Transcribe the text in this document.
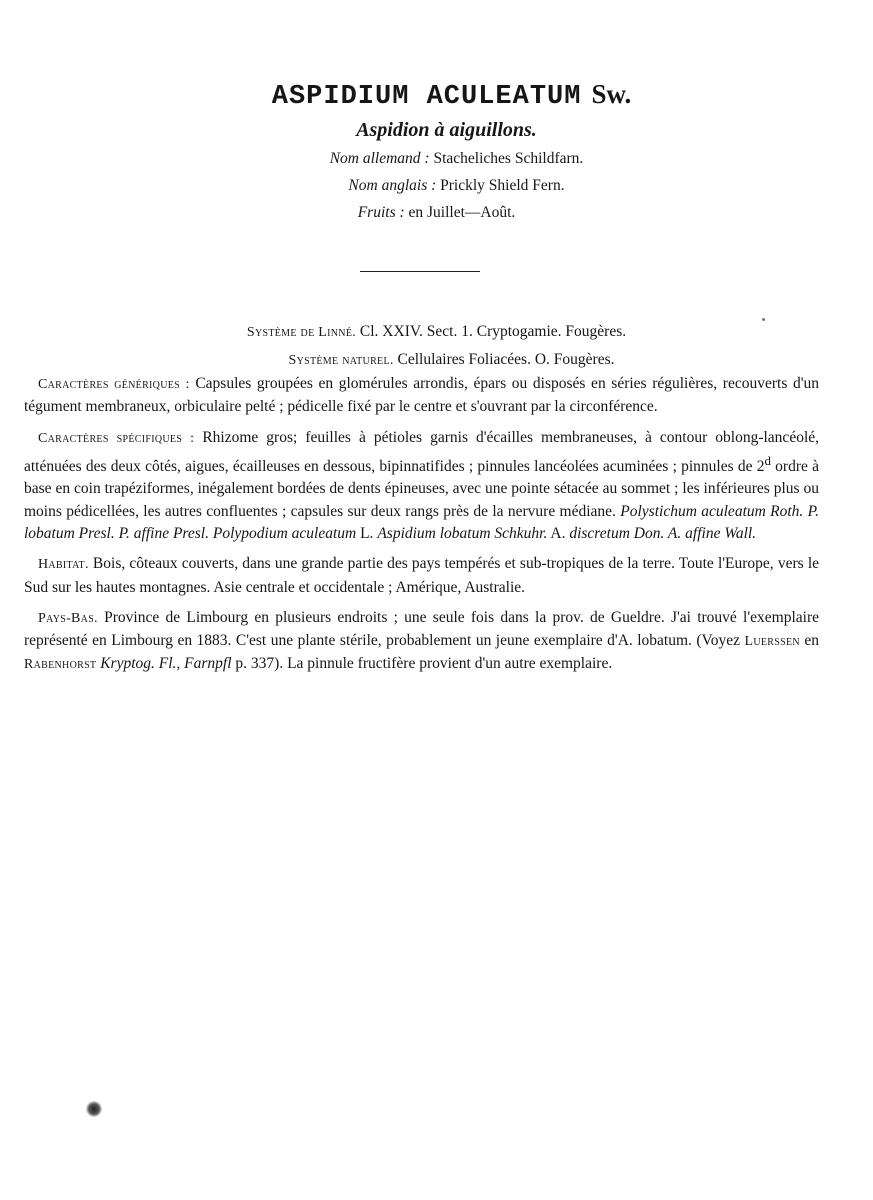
ASPIDIUM ACULEATUM Sw.

Aspidion à aiguillons.

Nom allemand : Stacheliches Schildfarn.

Nom anglais : Prickly Shield Fern.

Fruits : en Juillet—Août.

Système de Linné. Cl. XXIV. Sect. 1. Cryptogamie. Fougères.
Système naturel. Cellulaires Foliacées. O. Fougères.

Caractères génériques : Capsules groupées en glomérules arrondis, épars ou disposés en séries régulières, recouverts d'un tégument membraneux, orbiculaire pelté ; pédicelle fixé par le centre et s'ouvrant par la circonférence.

Caractères spécifiques : Rhizome gros; feuilles à pétioles garnis d'écailles membraneuses, à contour oblong-lancéolé, atténuées des deux côtés, aigues, écailleuses en dessous, bipinnatifides ; pinnules lancéolées acuminées ; pinnules de 2$^d$ ordre à base en coin trapéziformes, inégalement bordées de dents épineuses, avec une pointe sétacée au sommet ; les inférieures plus ou moins pédicellées, les autres confluentes ; capsules sur deux rangs près de la nervure médiane. Polystichum aculeatum Roth. P. lobatum Presl. P. affine Presl. Polypodium aculeatum L. Aspidium lobatum Schkuhr. A. discretum Don. A. affine Wall.

Habitat. Bois, côteaux couverts, dans une grande partie des pays tempérés et sub-tropiques de la terre. Toute l'Europe, vers le Sud sur les hautes montagnes. Asie centrale et occidentale ; Amérique, Australie.

Pays-Bas. Province de Limbourg en plusieurs endroits ; une seule fois dans la prov. de Gueldre. J'ai trouvé l'exemplaire représenté en Limbourg en 1883. C'est une plante stérile, probablement un jeune exemplaire d'A. lobatum. (Voyez Luerssen en Rabenhorst Kryptog. Fl., Farnpfl p. 337). La pinnule fructifère provient d'un autre exemplaire.
